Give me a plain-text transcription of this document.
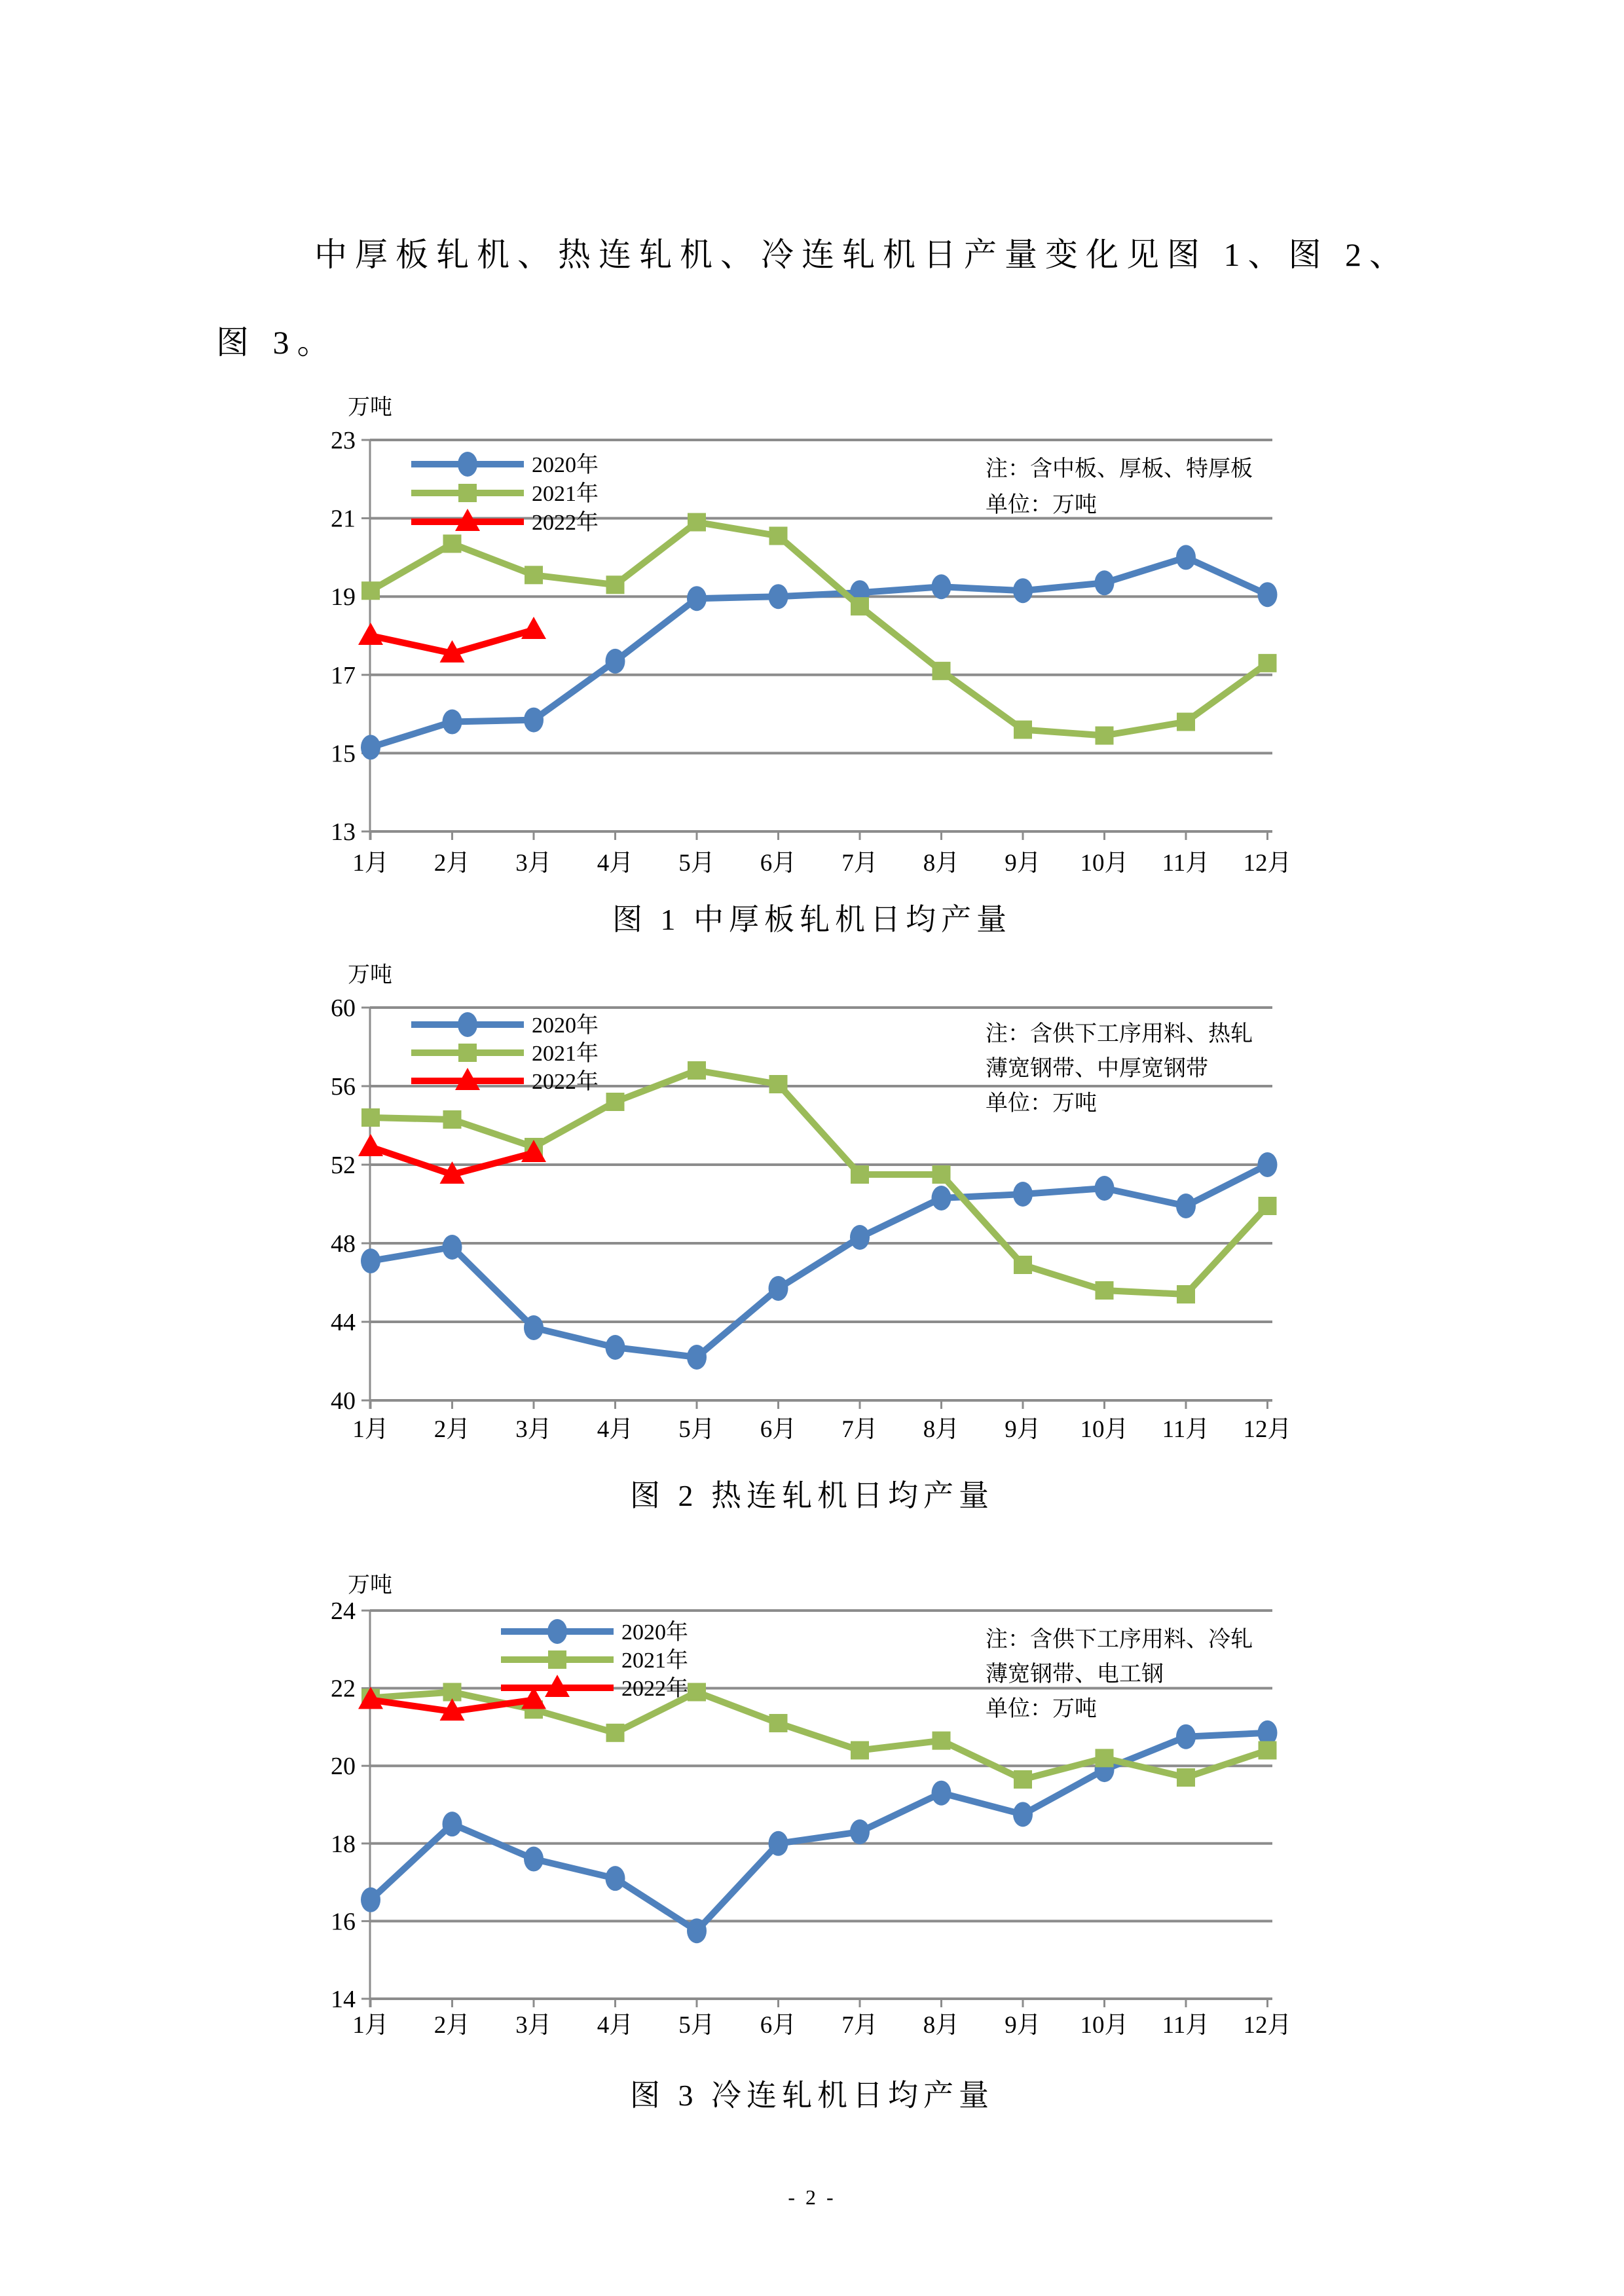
中厚板轧机、热连轧机、冷连轧机日产量变化见图 1、图 2、
图 3。
万吨
23
21
19
17
15
13
1月 2月 3月 4月 5月 6月 7月 8月 9月 10月 11月 12月
2020年
2021年
2022年
注：含中板、厚板、特厚板
单位：万吨
图 1 中厚板轧机日均产量
万吨
60
56
52
48
44
40
1月 2月 3月 4月 5月 6月 7月 8月 9月 10月 11月 12月
2020年
2021年
2022年
注：含供下工序用料、热轧
薄宽钢带、中厚宽钢带
单位：万吨
图 2 热连轧机日均产量
万吨
24
22
20
18
16
14
1月 2月 3月 4月 5月 6月 7月 8月 9月 10月 11月 12月
2020年
2021年
2022年
注：含供下工序用料、冷轧
薄宽钢带、电工钢
单位：万吨
图 3 冷连轧机日均产量
- 2 -
